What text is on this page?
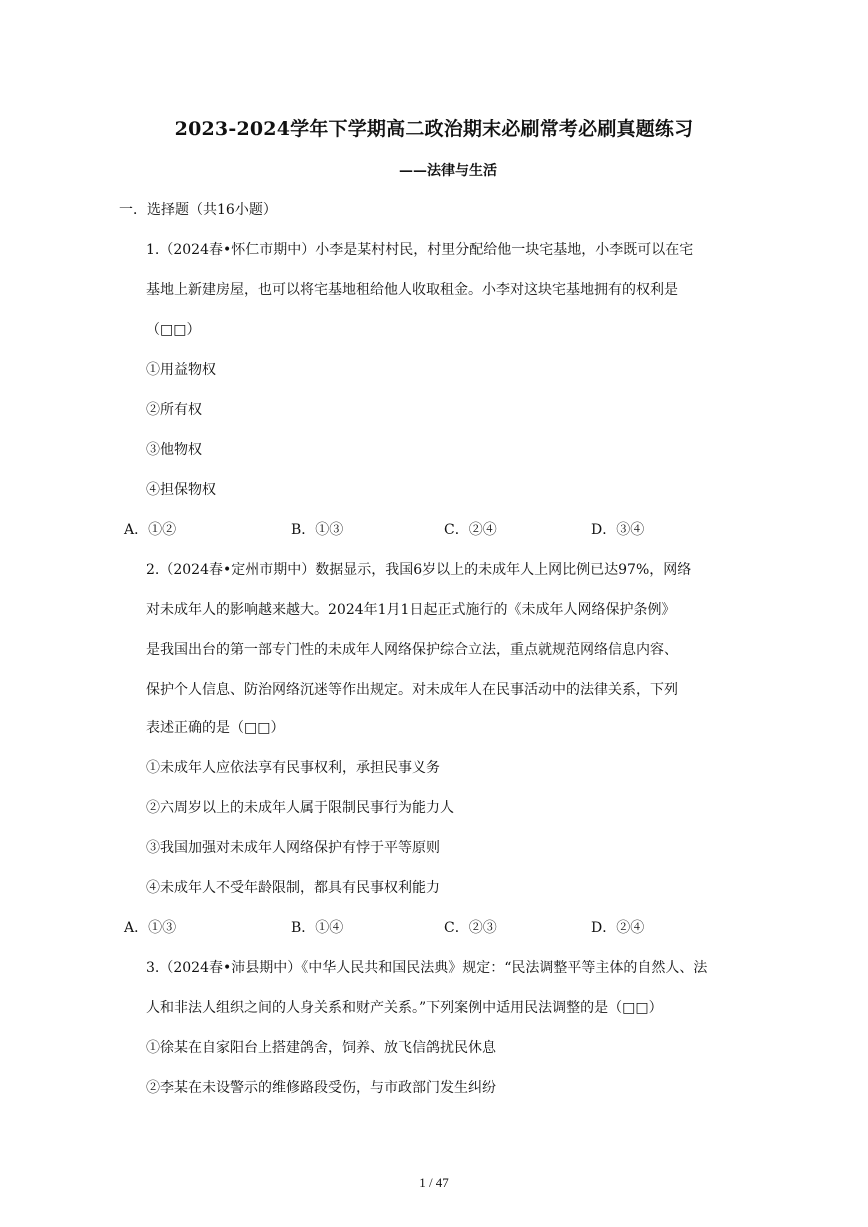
2023-2024学年下学期高二政治期末必刷常考必刷真题练习
——法律与生活
一．选择题（共16小题）
1.（2024春•怀仁市期中）小李是某村村民，村里分配给他一块宅基地，小李既可以在宅
基地上新建房屋，也可以将宅基地租给他人收取租金。小李对这块宅基地拥有的权利是
（□□）
①用益物权
②所有权
③他物权
④担保物权
A．①②	B．①③	C．②④	D．③④
2.（2024春•定州市期中）数据显示，我国6岁以上的未成年人上网比例已达97%，网络
对未成年人的影响越来越大。2024年1月1日起正式施行的《未成年人网络保护条例》
是我国出台的第一部专门性的未成年人网络保护综合立法，重点就规范网络信息内容、
保护个人信息、防治网络沉迷等作出规定。对未成年人在民事活动中的法律关系，下列
表述正确的是（□□）
①未成年人应依法享有民事权利，承担民事义务
②六周岁以上的未成年人属于限制民事行为能力人
③我国加强对未成年人网络保护有悖于平等原则
④未成年人不受年龄限制，都具有民事权利能力
A．①③	B．①④	C．②③	D．②④
3.（2024春•沛县期中）《中华人民共和国民法典》规定：“民法调整平等主体的自然人、法
人和非法人组织之间的人身关系和财产关系。”下列案例中适用民法调整的是（□□）
①徐某在自家阳台上搭建鸽舍，饲养、放飞信鸽扰民休息
②李某在未设警示的维修路段受伤，与市政部门发生纠纷
1 / 47
